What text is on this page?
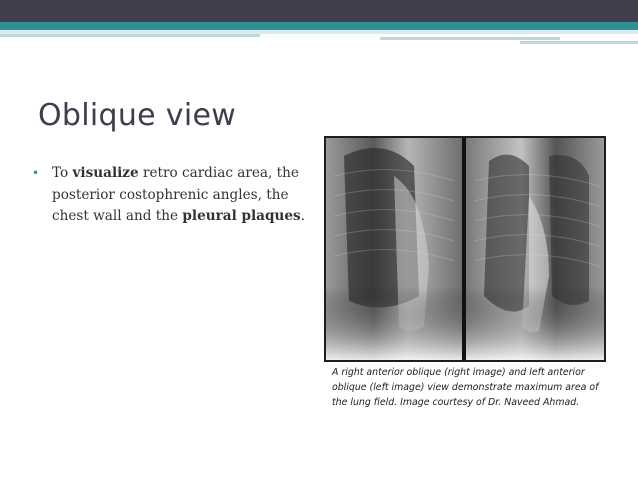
Oblique view
• To visualize retro cardiac area, the posterior costophrenic angles, the chest wall and the pleural plaques.
A right anterior oblique (right image) and left anterior oblique (left image) view demonstrate maximum area of the lung field. Image courtesy of Dr. Naveed Ahmad.
